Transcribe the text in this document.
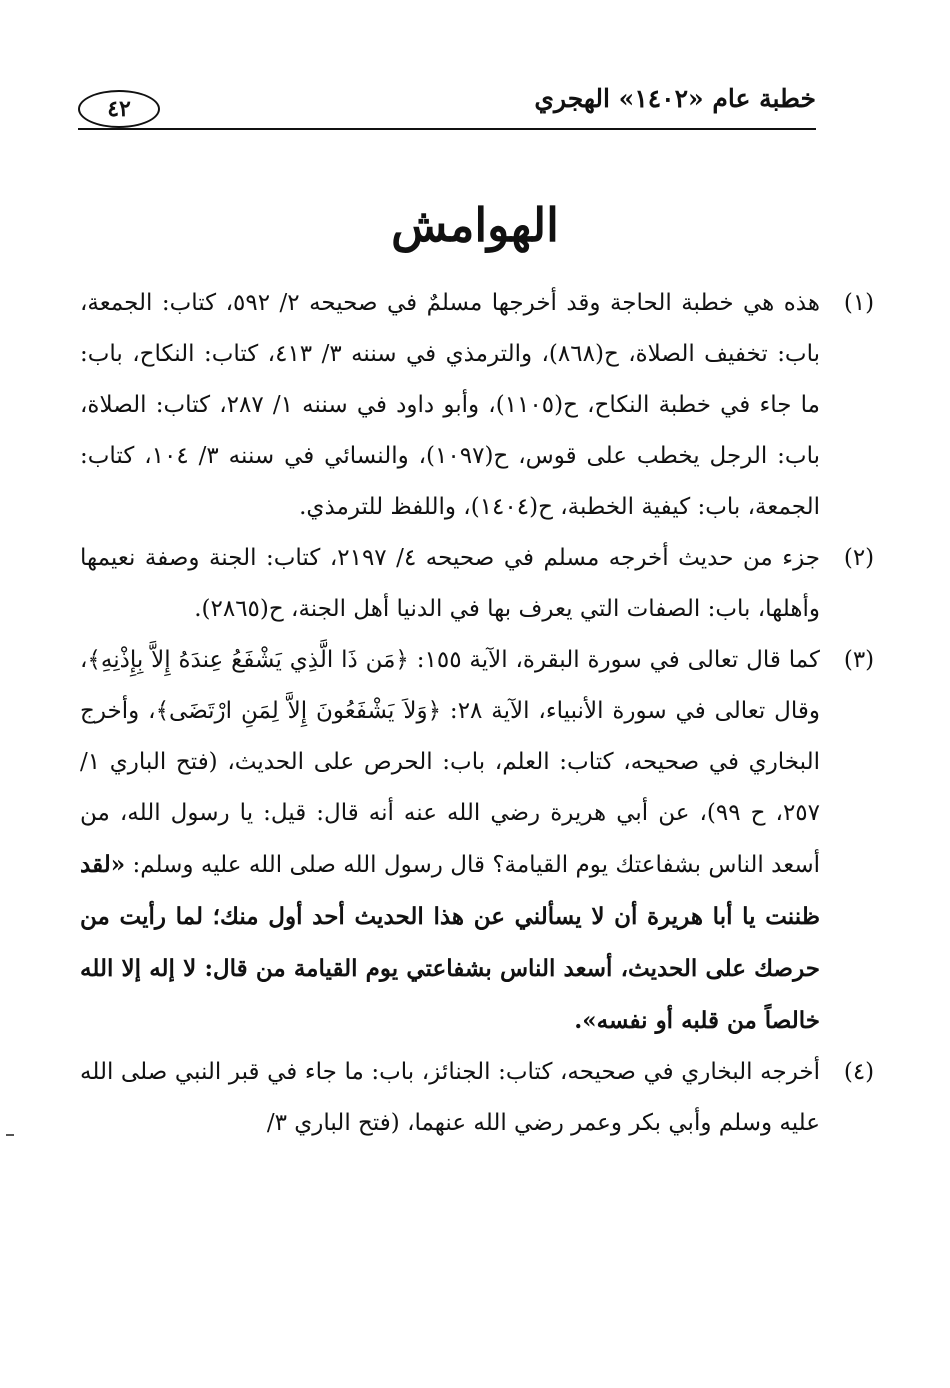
خطبة عام «١٤٠٢» الهجري
٤٢
الهوامش
(١)

هذه هي خطبة الحاجة وقد أخرجها مسلمٌ في صحيحه ٢/ ٥٩٢، كتاب: الجمعة، باب: تخفيف الصلاة، ح(٨٦٨)، والترمذي في سننه ٣/ ٤١٣، كتاب: النكاح، باب: ما جاء في خطبة النكاح، ح(١١٠٥)، وأبو داود في سننه ١/ ٢٨٧، كتاب: الصلاة، باب: الرجل يخطب على قوس، ح(١٠٩٧)، والنسائي في سننه ٣/ ١٠٤، كتاب: الجمعة، باب: كيفية الخطبة، ح(١٤٠٤)، واللفظ للترمذي.

(٢)

جزء من حديث أخرجه مسلم في صحيحه ٤/ ٢١٩٧، كتاب: الجنة وصفة نعيمها وأهلها، باب: الصفات التي يعرف بها في الدنيا أهل الجنة، ح(٢٨٦٥).

(٣)

كما قال تعالى في سورة البقرة، الآية ١٥٥: ﴿مَن ذَا الَّذِي يَشْفَعُ عِندَهُ إِلاَّ بِإِذْنِهِ﴾، وقال تعالى في سورة الأنبياء، الآية ٢٨: ﴿وَلاَ يَشْفَعُونَ إِلاَّ لِمَنِ ارْتَضَى﴾، وأخرج البخاري في صحيحه، كتاب: العلم، باب: الحرص على الحديث، (فتح الباري ١/ ٢٥٧، ح ٩٩)، عن أبي هريرة رضي الله عنه أنه قال: قيل: يا رسول الله، من أسعد الناس بشفاعتك يوم القيامة؟ قال رسول الله صلى الله عليه وسلم: «لقد ظننت يا أبا هريرة أن لا يسألني عن هذا الحديث أحد أول منك؛ لما رأيت من حرصك على الحديث، أسعد الناس بشفاعتي يوم القيامة من قال: لا إله إلا الله خالصاً من قلبه أو نفسه».

(٤)

أخرجه البخاري في صحيحه، كتاب: الجنائز، باب: ما جاء في قبر النبي صلى الله عليه وسلم وأبي بكر وعمر رضي الله عنهما، (فتح الباري ٣/
